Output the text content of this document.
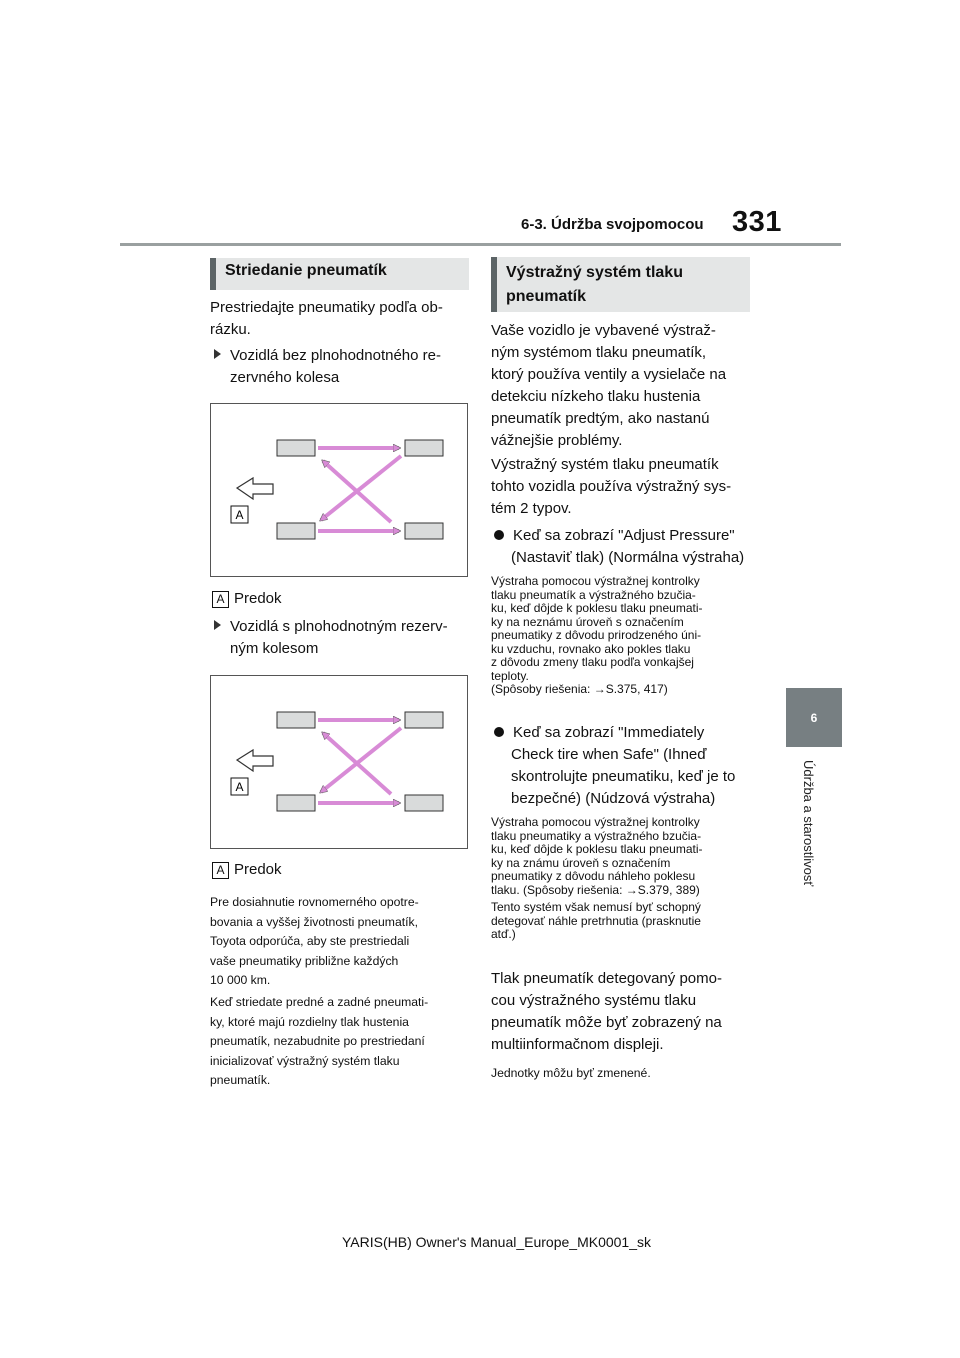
6-3. Údržba svojpomocou 331
6
Údržba a starostlivosť
Striedanie pneumatík
Prestriedajte pneumatiky podľa ob-
rázku.
Vozidlá bez plnohodnotného re-
zervného kolesa
A
A Predok
Vozidlá s plnohodnotným rezerv-
ným kolesom
A
A Predok
Pre dosiahnutie rovnomerného opotre-
bovania a vyššej životnosti pneumatík,
Toyota odporúča, aby ste prestriedali
vaše pneumatiky približne každých
10 000 km.
Keď striedate predné a zadné pneumati-
ky, ktoré majú rozdielny tlak hustenia
pneumatík, nezabudnite po prestriedaní
inicializovať výstražný systém tlaku
pneumatík.
Výstražný systém tlaku
pneumatík
Vaše vozidlo je vybavené výstraž-
ným systémom tlaku pneumatík,
ktorý používa ventily a vysielače na
detekciu nízkeho tlaku hustenia
pneumatík predtým, ako nastanú
vážnejšie problémy.
Výstražný systém tlaku pneumatík
tohto vozidla používa výstražný sys-
tém 2 typov.
Keď sa zobrazí "Adjust Pressure"
(Nastaviť tlak) (Normálna výstraha)
Výstraha pomocou výstražnej kontrolky
tlaku pneumatík a výstražného bzučia-
ku, keď dôjde k poklesu tlaku pneumati-
ky na neznámu úroveň s označením
pneumatiky z dôvodu prirodzeného úni-
ku vzduchu, rovnako ako pokles tlaku
z dôvodu zmeny tlaku podľa vonkajšej
teploty.
(Spôsoby riešenia: →S.375, 417)
Keď sa zobrazí "Immediately
Check tire when Safe" (Ihneď
skontrolujte pneumatiku, keď je to
bezpečné) (Núdzová výstraha)
Výstraha pomocou výstražnej kontrolky
tlaku pneumatiky a výstražného bzučia-
ku, keď dôjde k poklesu tlaku pneumati-
ky na známu úroveň s označením
pneumatiky z dôvodu náhleho poklesu
tlaku. (Spôsoby riešenia: →S.379, 389)
Tento systém však nemusí byť schopný
detegovať náhle pretrhnutia (prasknutie
atď.)
Tlak pneumatík detegovaný pomo-
cou výstražného systému tlaku
pneumatík môže byť zobrazený na
multiinformačnom displeji.
Jednotky môžu byť zmenené.
YARIS(HB) Owner's Manual_Europe_MK0001_sk
